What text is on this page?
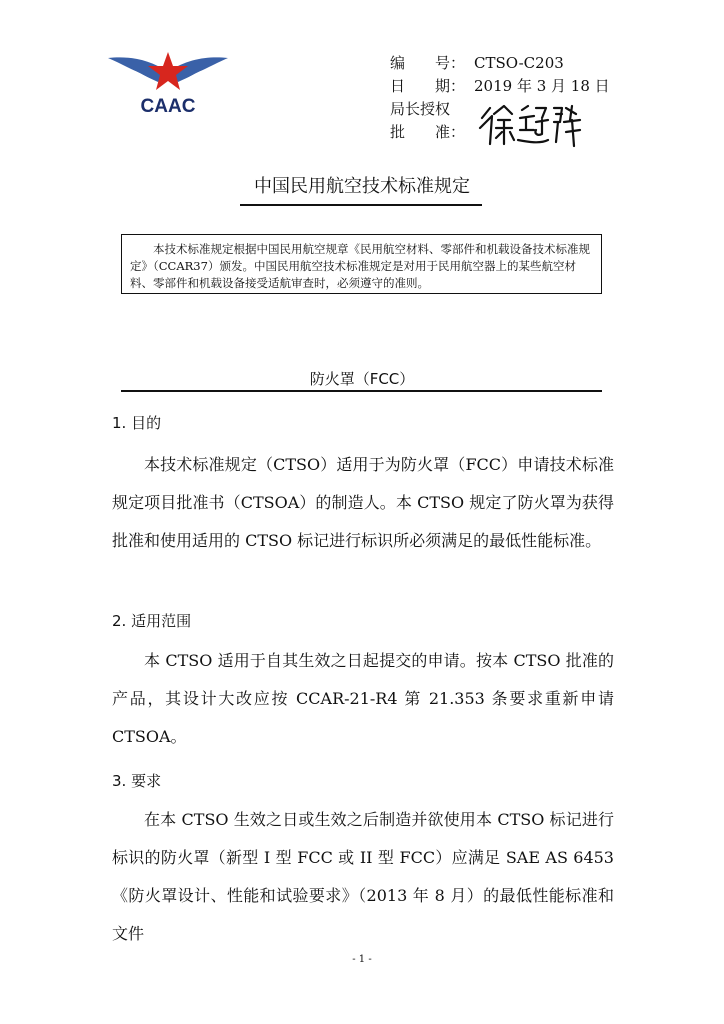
CAAC
编　　号： CTSO-C203
日　　期： 2019 年 3 月 18 日
局长授权
批　　准：
中国民用航空技术标准规定

本技术标准规定根据中国民用航空规章《民用航空材料、零部件和机载设备技术标准规定》（CCAR37）颁发。中国民用航空技术标准规定是对用于民用航空器上的某些航空材料、零部件和机载设备接受适航审查时，必须遵守的准则。

防火罩（FCC）
1. 目的

本技术标准规定（CTSO）适用于为防火罩（FCC）申请技术标准规定项目批准书（CTSOA）的制造人。本 CTSO 规定了防火罩为获得批准和使用适用的 CTSO 标记进行标识所必须满足的最低性能标准。

2. 适用范围

本 CTSO 适用于自其生效之日起提交的申请。按本 CTSO 批准的产品，其设计大改应按 CCAR-21-R4 第 21.353 条要求重新申请 CTSOA。

3. 要求

在本 CTSO 生效之日或生效之后制造并欲使用本 CTSO 标记进行标识的防火罩（新型 I 型 FCC 或 II 型 FCC）应满足 SAE AS 6453《防火罩设计、性能和试验要求》（2013 年 8 月）的最低性能标准和文件

- 1 -
